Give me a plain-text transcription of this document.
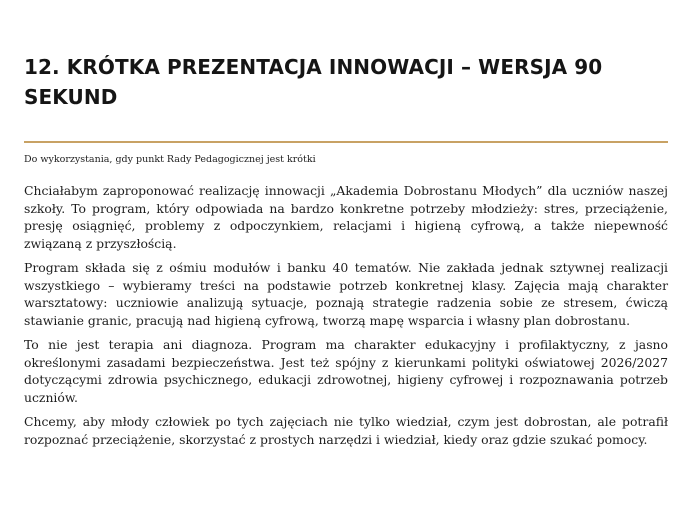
12. KRÓTKA PREZENTACJA INNOWACJI – WERSJA 90 SEKUND

Do wykorzystania, gdy punkt Rady Pedagogicznej jest krótki

Chciałabym zaproponować realizację innowacji „Akademia Dobrostanu Młodych” dla uczniów naszej szkoły. To program, który odpowiada na bardzo konkretne potrzeby młodzieży: stres, przeciążenie, presję osiągnięć, problemy z odpoczynkiem, relacjami i higieną cyfrową, a także niepewność związaną z przyszłością.

Program składa się z ośmiu modułów i banku 40 tematów. Nie zakłada jednak sztywnej realizacji wszystkiego – wybieramy treści na podstawie potrzeb konkretnej klasy. Zajęcia mają charakter warsztatowy: uczniowie analizują sytuacje, poznają strategie radzenia sobie ze stresem, ćwiczą stawianie granic, pracują nad higieną cyfrową, tworzą mapę wsparcia i własny plan dobrostanu.

To nie jest terapia ani diagnoza. Program ma charakter edukacyjny i profilaktyczny, z jasno określonymi zasadami bezpieczeństwa. Jest też spójny z kierunkami polityki oświatowej 2026/2027 dotyczącymi zdrowia psychicznego, edukacji zdrowotnej, higieny cyfrowej i rozpoznawania potrzeb uczniów.

Chcemy, aby młody człowiek po tych zajęciach nie tylko wiedział, czym jest dobrostan, ale potrafił rozpoznać przeciążenie, skorzystać z prostych narzędzi i wiedział, kiedy oraz gdzie szukać pomocy.
